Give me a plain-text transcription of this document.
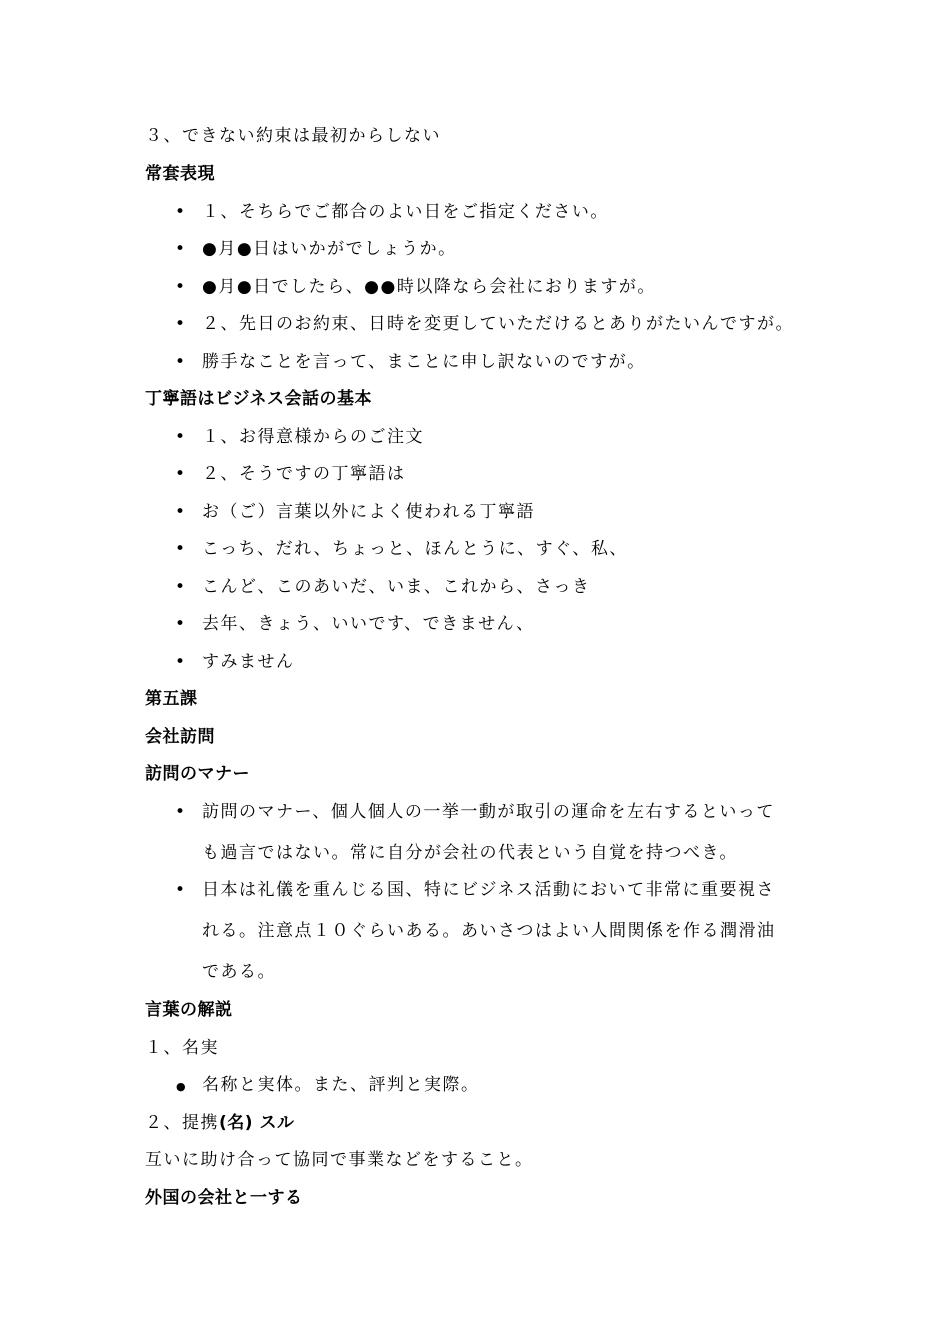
３、できない約束は最初からしない
常套表現
• １、そちらでご都合のよい日をご指定ください。
• ●月●日はいかがでしょうか。
• ●月●日でしたら、●●時以降なら会社におりますが。
• ２、先日のお約束、日時を変更していただけるとありがたいんですが。
• 勝手なことを言って、まことに申し訳ないのですが。
丁寧語はビジネス会話の基本
• １、お得意様からのご注文
• ２、そうですの丁寧語は
• お（ご）言葉以外によく使われる丁寧語
• こっち、だれ、ちょっと、ほんとうに、すぐ、私、
• こんど、このあいだ、いま、これから、さっき
• 去年、きょう、いいです、できません、
• すみません
第五課
会社訪問
訪問のマナー
• 訪問のマナー、個人個人の一挙一動が取引の運命を左右するといって
も過言ではない。常に自分が会社の代表という自覚を持つべき。
• 日本は礼儀を重んじる国、特にビジネス活動において非常に重要視さ
れる。注意点１０ぐらいある。あいさつはよい人間関係を作る潤滑油
である。
言葉の解説
１、名実
● 名称と実体。また、評判と実際。
２、提携(名) スル
互いに助け合って協同で事業などをすること。
外国の会社と一する
